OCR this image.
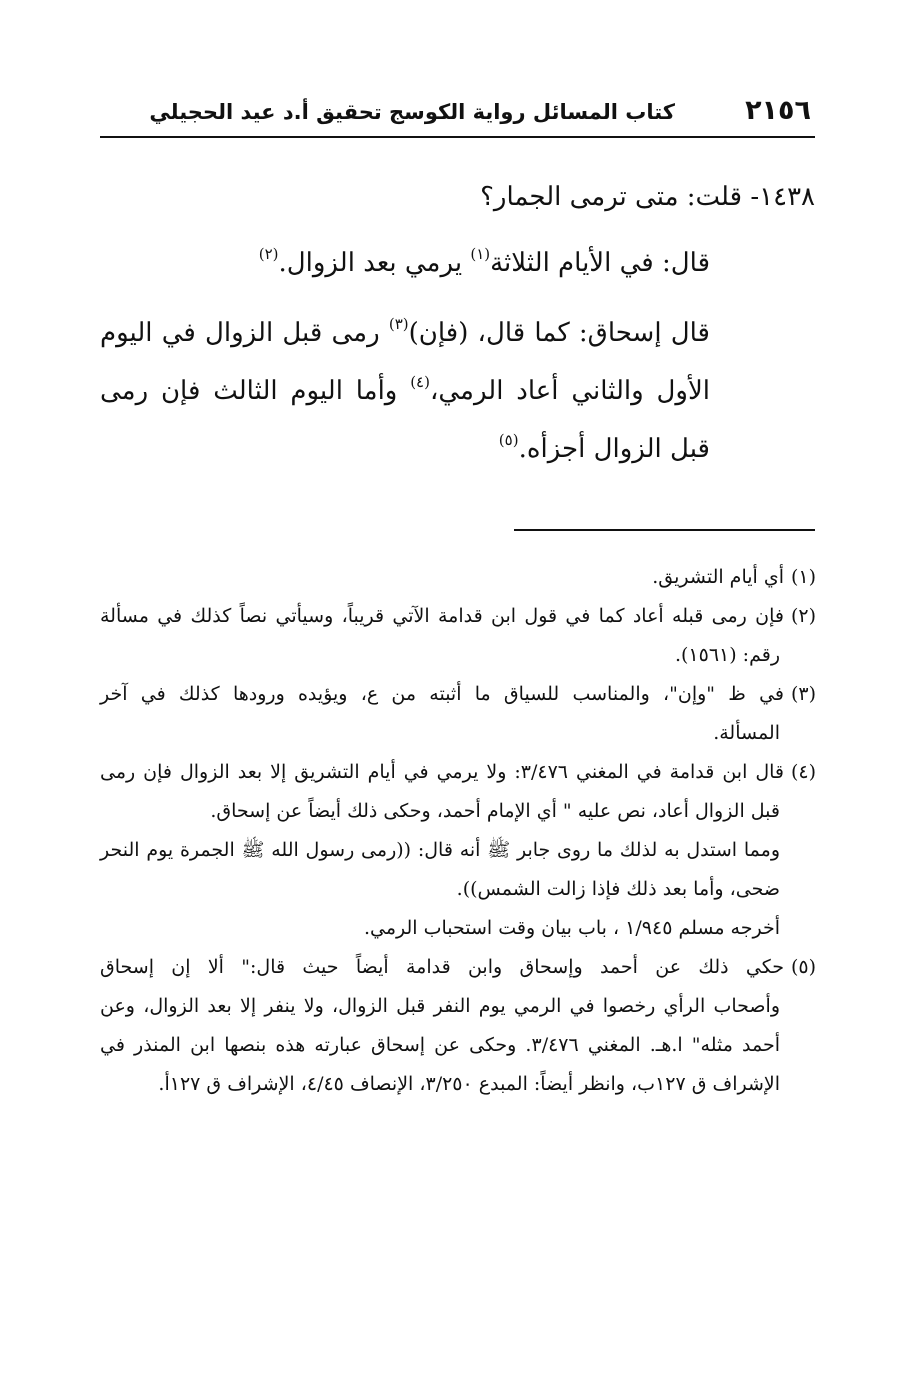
٢١٥٦
كتاب المسائل رواية الكوسج تحقيق أ.د عيد الحجيلي
١٤٣٨- قلت: متى ترمى الجمار؟
قال: في الأيام الثلاثة$^{(١)}$ يرمي بعد الزوال.$^{(٢)}$
قال إسحاق: كما قال، (فإن)$^{(٣)}$ رمى قبل الزوال في اليوم الأول والثاني أعاد الرمي،$^{(٤)}$ وأما اليوم الثالث فإن رمى قبل الزوال أجزأه.$^{(٥)}$
(١)أي أيام التشريق.
(٢)فإن رمى قبله أعاد كما في قول ابن قدامة الآتي قريباً، وسيأتي نصاً كذلك في مسألة
رقم: (١٥٦١).
(٣)في ظ "وإن"، والمناسب للسياق ما أثبته من ع، ويؤيده ورودها كذلك في آخر
المسألة.
(٤)قال ابن قدامة في المغني ٣/٤٧٦: ولا يرمي في أيام التشريق إلا بعد الزوال فإن رمى
قبل الزوال أعاد، نص عليه " أي الإمام أحمد، وحكى ذلك أيضاً عن إسحاق.
ومما استدل به لذلك ما روى جابر ﷺ أنه قال: ((رمى رسول الله ﷺ الجمرة يوم النحر ضحى، وأما بعد ذلك فإذا زالت الشمس)).
أخرجه مسلم ١/٩٤٥ ، باب بيان وقت استحباب الرمي.
(٥)حكي ذلك عن أحمد وإسحاق وابن قدامة أيضاً حيث قال:" ألا إن إسحاق
وأصحاب الرأي رخصوا في الرمي يوم النفر قبل الزوال، ولا ينفر إلا بعد الزوال، وعن أحمد مثله" ا.هـ. المغني ٣/٤٧٦. وحكى عن إسحاق عبارته هذه بنصها ابن المنذر في الإشراف ق ١٢٧ب، وانظر أيضاً: المبدع ٣/٢٥٠، الإنصاف ٤/٤٥، الإشراف ق ١٢٧أ.
